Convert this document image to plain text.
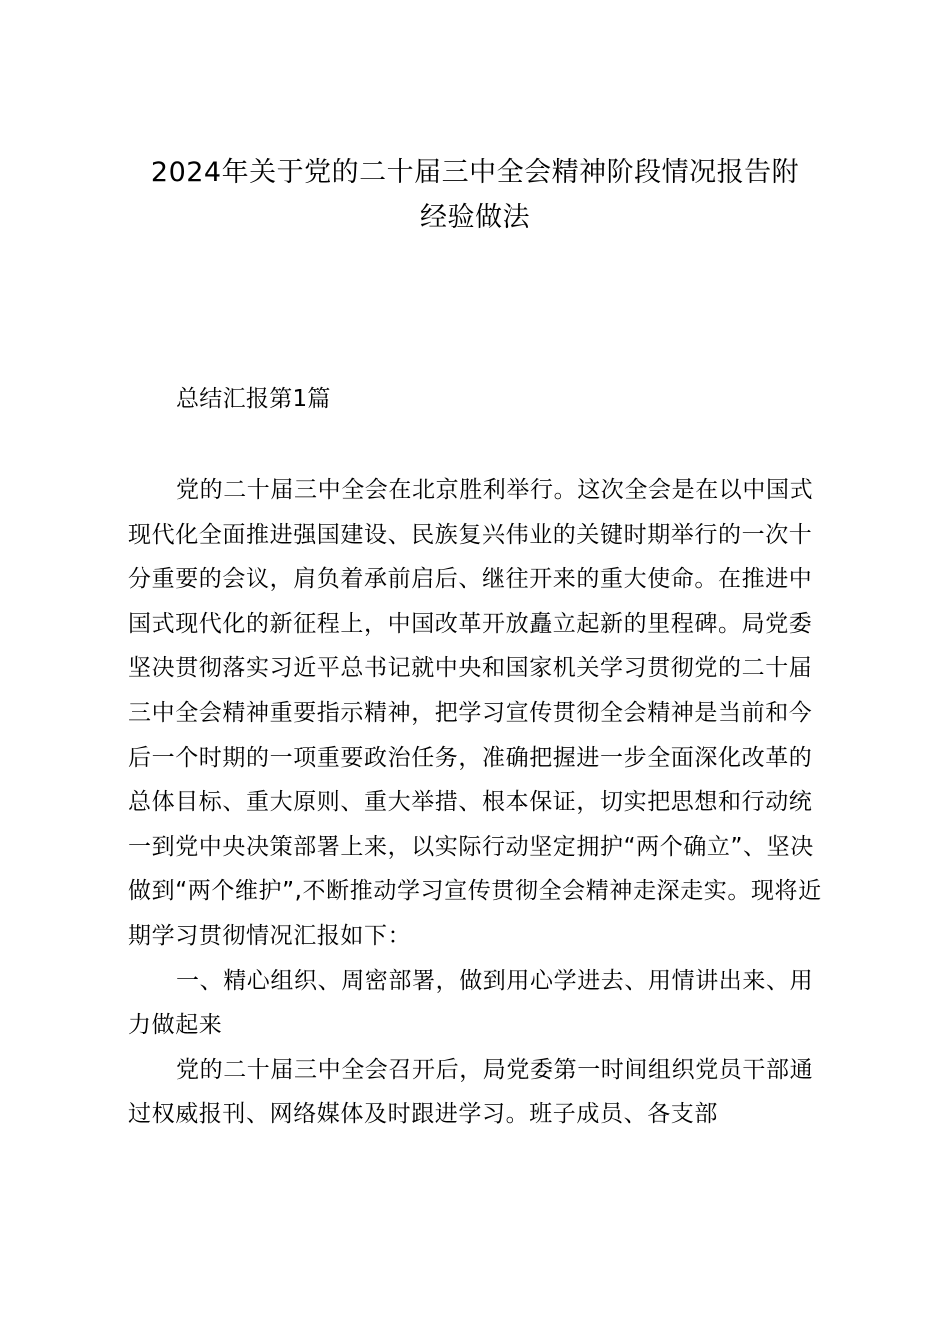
2024年关于党的二十届三中全会精神阶段情况报告附
经验做法
总结汇报第1篇

党的二十届三中全会在北京胜利举行。这次全会是在以中国式现代化全面推进强国建设、民族复兴伟业的关键时期举行的一次十分重要的会议，肩负着承前启后、继往开来的重大使命。在推进中国式现代化的新征程上，中国改革开放矗立起新的里程碑。局党委坚决贯彻落实习近平总书记就中央和国家机关学习贯彻党的二十届三中全会精神重要指示精神，把学习宣传贯彻全会精神是当前和今后一个时期的一项重要政治任务，准确把握进一步全面深化改革的总体目标、重大原则、重大举措、根本保证，切实把思想和行动统一到党中央决策部署上来，以实际行动坚定拥护“两个确立”、坚决做到“两个维护”,不断推动学习宣传贯彻全会精神走深走实。现将近期学习贯彻情况汇报如下：

一、精心组织、周密部署，做到用心学进去、用情讲出来、用力做起来

党的二十届三中全会召开后，局党委第一时间组织党员干部通过权威报刊、网络媒体及时跟进学习。班子成员、各支部
